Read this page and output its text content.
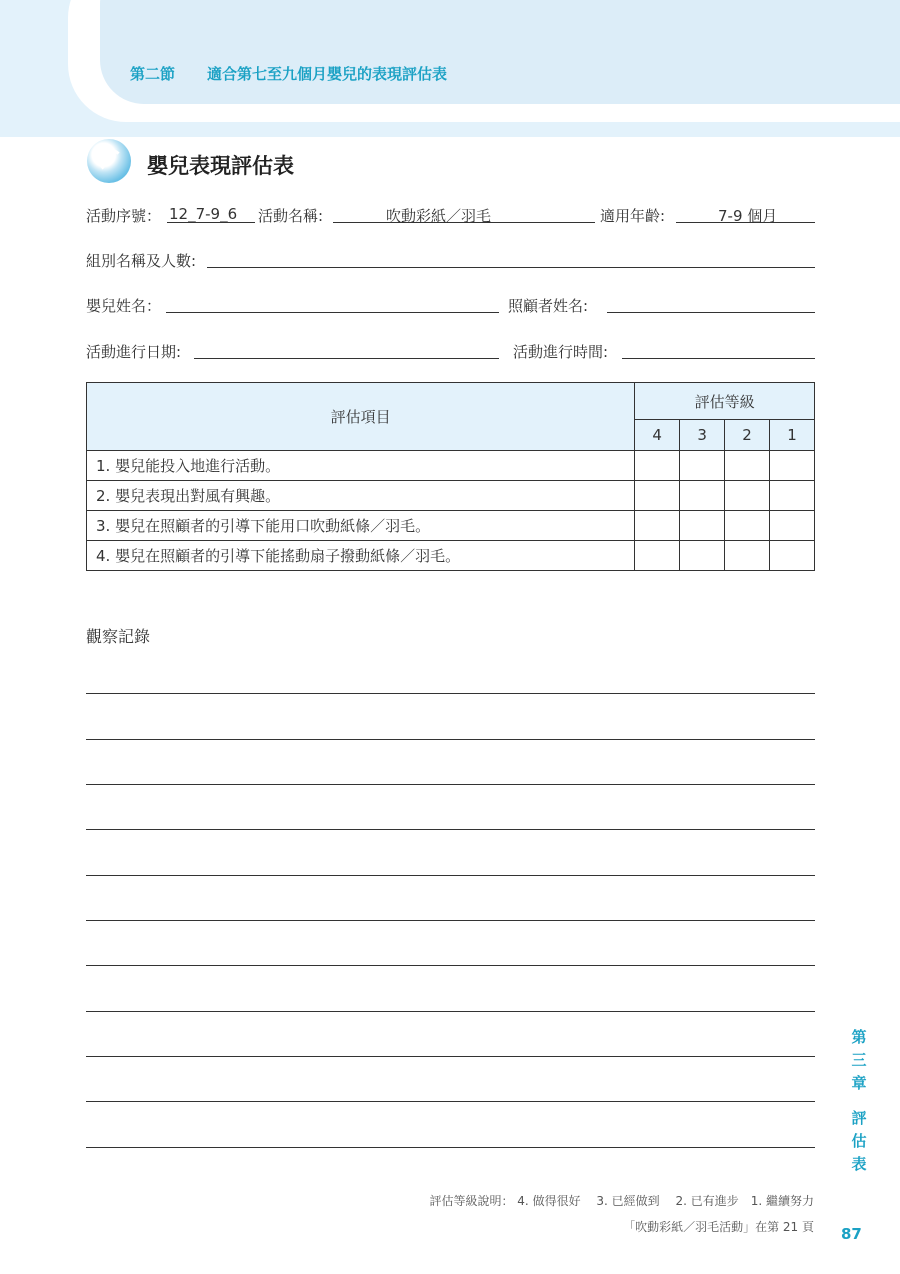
第二節 適合第七至九個月嬰兒的表現評估表
嬰兒表現評估表
活動序號： 12_7-9_6	活動名稱:	吹動彩紙／羽毛	適用年齡:	7-9 個月
組別名稱及人數:
嬰兒姓名：	照顧者姓名:
活動進行日期:	活動進行時間:
評估項目	評估等級			
	4	3	2	1
1. 嬰兒能投入地進行活動。				
2. 嬰兒表現出對風有興趣。				
3. 嬰兒在照顧者的引導下能用口吹動紙條／羽毛。				
4. 嬰兒在照顧者的引導下能搖動扇子撥動紙條／羽毛。				
觀察記錄
第
三
章
評
估
表
評估等級說明： 4. 做得很好　 3. 已經做到　 2. 已有進步　1. 繼續努力
「吹動彩紙／羽毛活動」在第 21 頁 87
